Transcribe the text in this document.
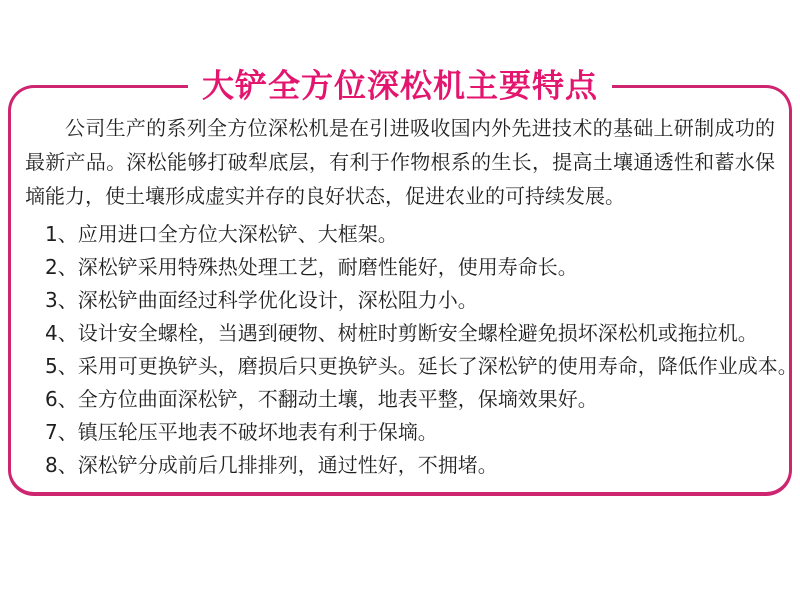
大铲全方位深松机主要特点

公司生产的系列全方位深松机是在引进吸收国内外先进技术的基础上研制成功的最新产品。深松能够打破犁底层，有利于作物根系的生长，提高土壤通透性和蓄水保墑能力，使土壤形成虚实并存的良好状态，促进农业的可持续发展。

1、应用进口全方位大深松铲、大框架。
2、深松铲采用特殊热处理工艺，耐磨性能好，使用寿命长。
3、深松铲曲面经过科学优化设计，深松阻力小。
4、设计安全螺栓，当遇到硬物、树桩时剪断安全螺栓避免损坏深松机或拖拉机。
5、采用可更换铲头，磨损后只更换铲头。延长了深松铲的使用寿命，降低作业成本。
6、全方位曲面深松铲，不翻动土壤，地表平整，保墑效果好。
7、镇压轮压平地表不破坏地表有利于保墑。
8、深松铲分成前后几排排列，通过性好，不拥堵。
